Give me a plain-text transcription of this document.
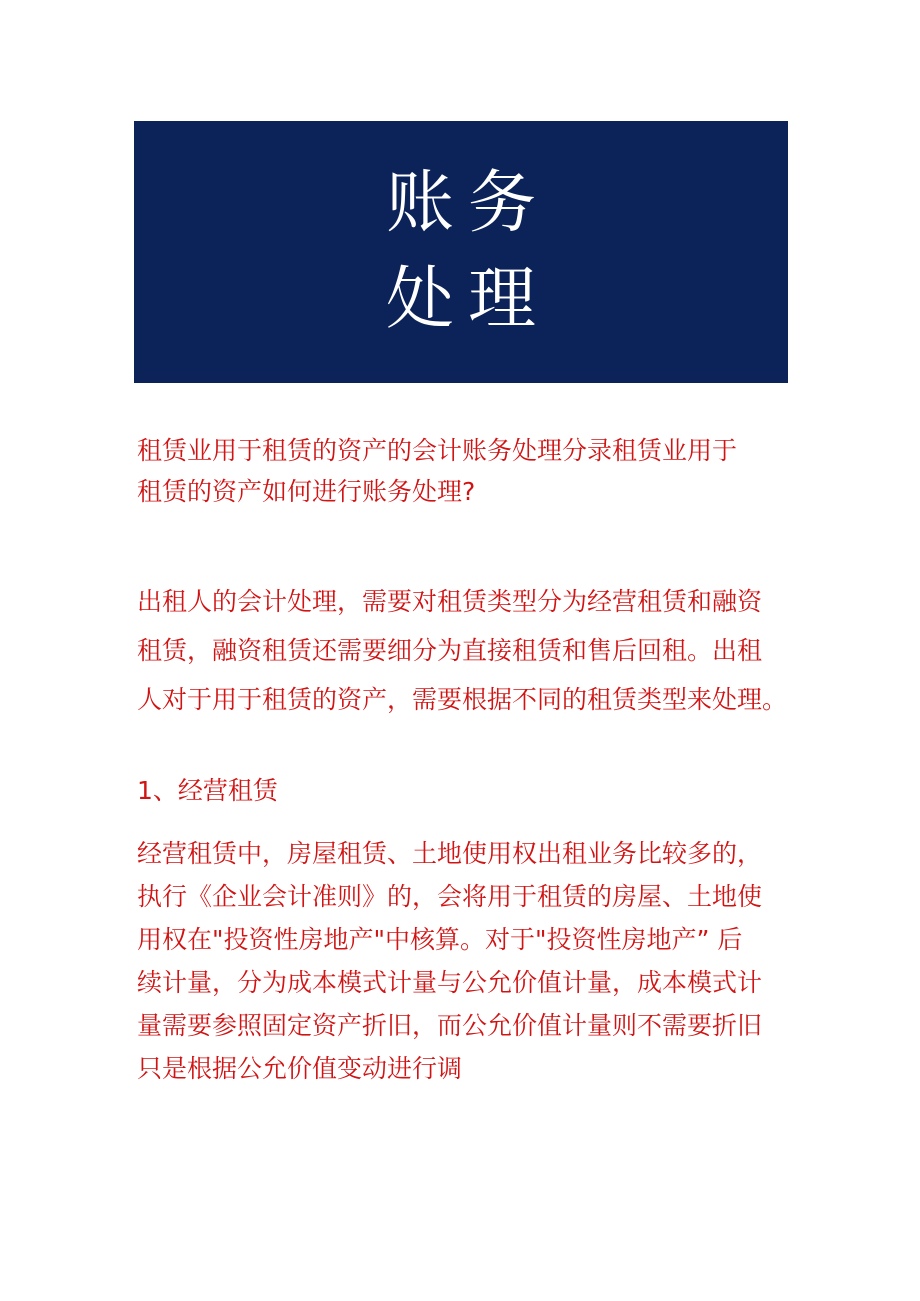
账务
处理
租赁业用于租赁的资产的会计账务处理分录租赁业用于
租赁的资产如何进行账务处理?
出租人的会计处理，需要对租赁类型分为经营租赁和融资
租赁，融资租赁还需要细分为直接租赁和售后回租。出租
人对于用于租赁的资产，需要根据不同的租赁类型来处理。
1、经营租赁
经营租赁中，房屋租赁、土地使用权出租业务比较多的，
执行《企业会计准则》的，会将用于租赁的房屋、土地使
用权在"投资性房地产"中核算。对于"投资性房地产” 后
续计量，分为成本模式计量与公允价值计量，成本模式计
量需要参照固定资产折旧，而公允价值计量则不需要折旧
只是根据公允价值变动进行调
